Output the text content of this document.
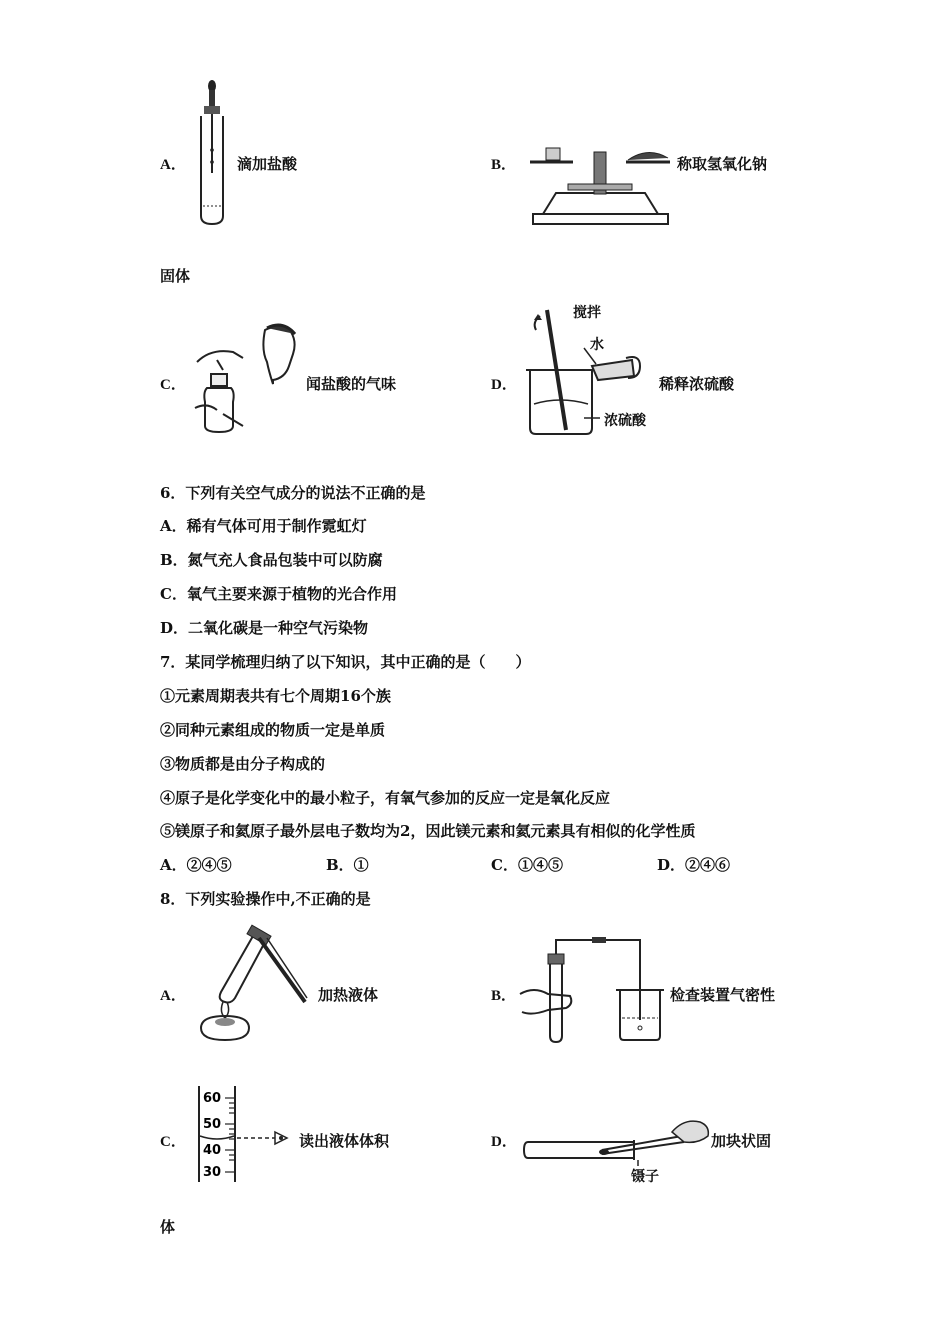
A．	滴加盐酸	B．	称取氢氧化钠
固体
C．	闻盐酸的气味	D．
搅拌
水
浓硫酸
稀释浓硫酸
6．下列有关空气成分的说法不正确的是
A．稀有气体可用于制作霓虹灯
B．氮气充人食品包装中可以防腐
C．氧气主要来源于植物的光合作用
D．二氧化碳是一种空气污染物
7．某同学梳理归纳了以下知识，其中正确的是（　　）
①元素周期表共有七个周期16个族
②同种元素组成的物质一定是单质
③物质都是由分子构成的
④原子是化学变化中的最小粒子，有氧气参加的反应一定是氧化反应
⑤镁原子和氦原子最外层电子数均为2，因此镁元素和氦元素具有相似的化学性质
A．②④⑤	B．①	C．①④⑤	D．②④⑥
8．下列实验操作中,不正确的是
A．	加热液体	B．	检查装置气密性
C．
60
50
40
30
读出液体体积	D．
镊子
加块状固
体
